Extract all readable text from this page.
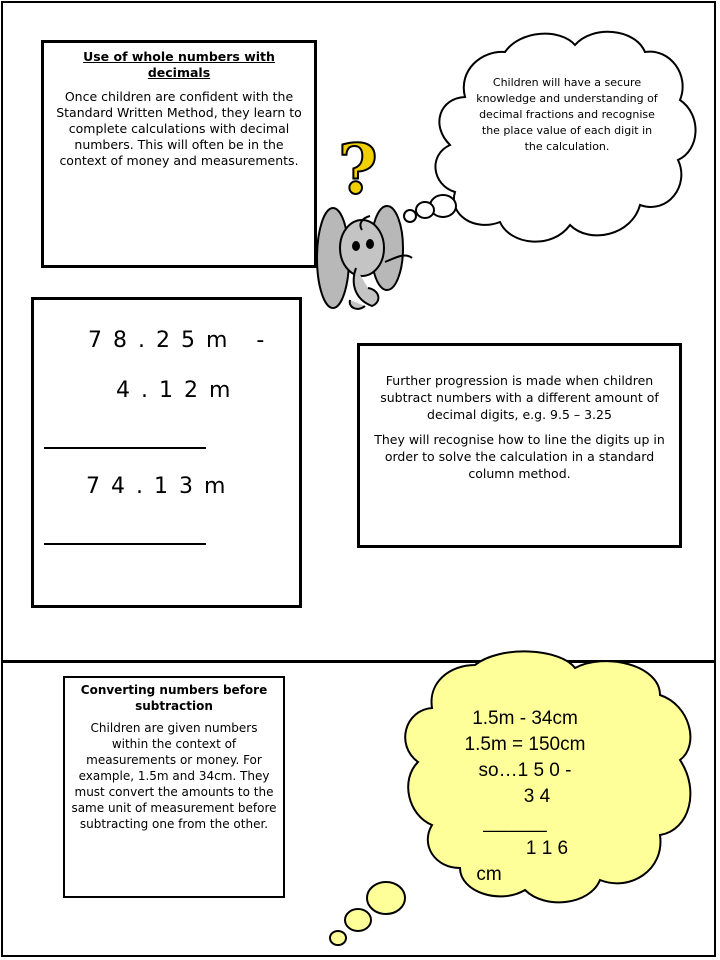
Use of whole numbers with decimals
Once children are confident with the Standard Written Method, they learn to complete calculations with decimal numbers. This will often be in the context of money and measurements. ?
Children will have a secure knowledge and understanding of decimal fractions and recognise the place value of each digit in the calculation.
7 8 . 2 5 m   -
4 . 1 2 m
7 4 . 1 3 m
Further progression is made when children subtract numbers with a different amount of decimal digits, e.g. 9.5 – 3.25
They will recognise how to line the digits up in order to solve the calculation in a standard column method.
Converting numbers before subtraction
Children are given numbers within the context of measurements or money. For example, 1.5m and 34cm. They must convert the amounts to the same unit of measurement before subtracting one from the other.
1.5m - 34cm
1.5m = 150cm
so…1 5 0 -
3 4
______
1 1 6
cm
